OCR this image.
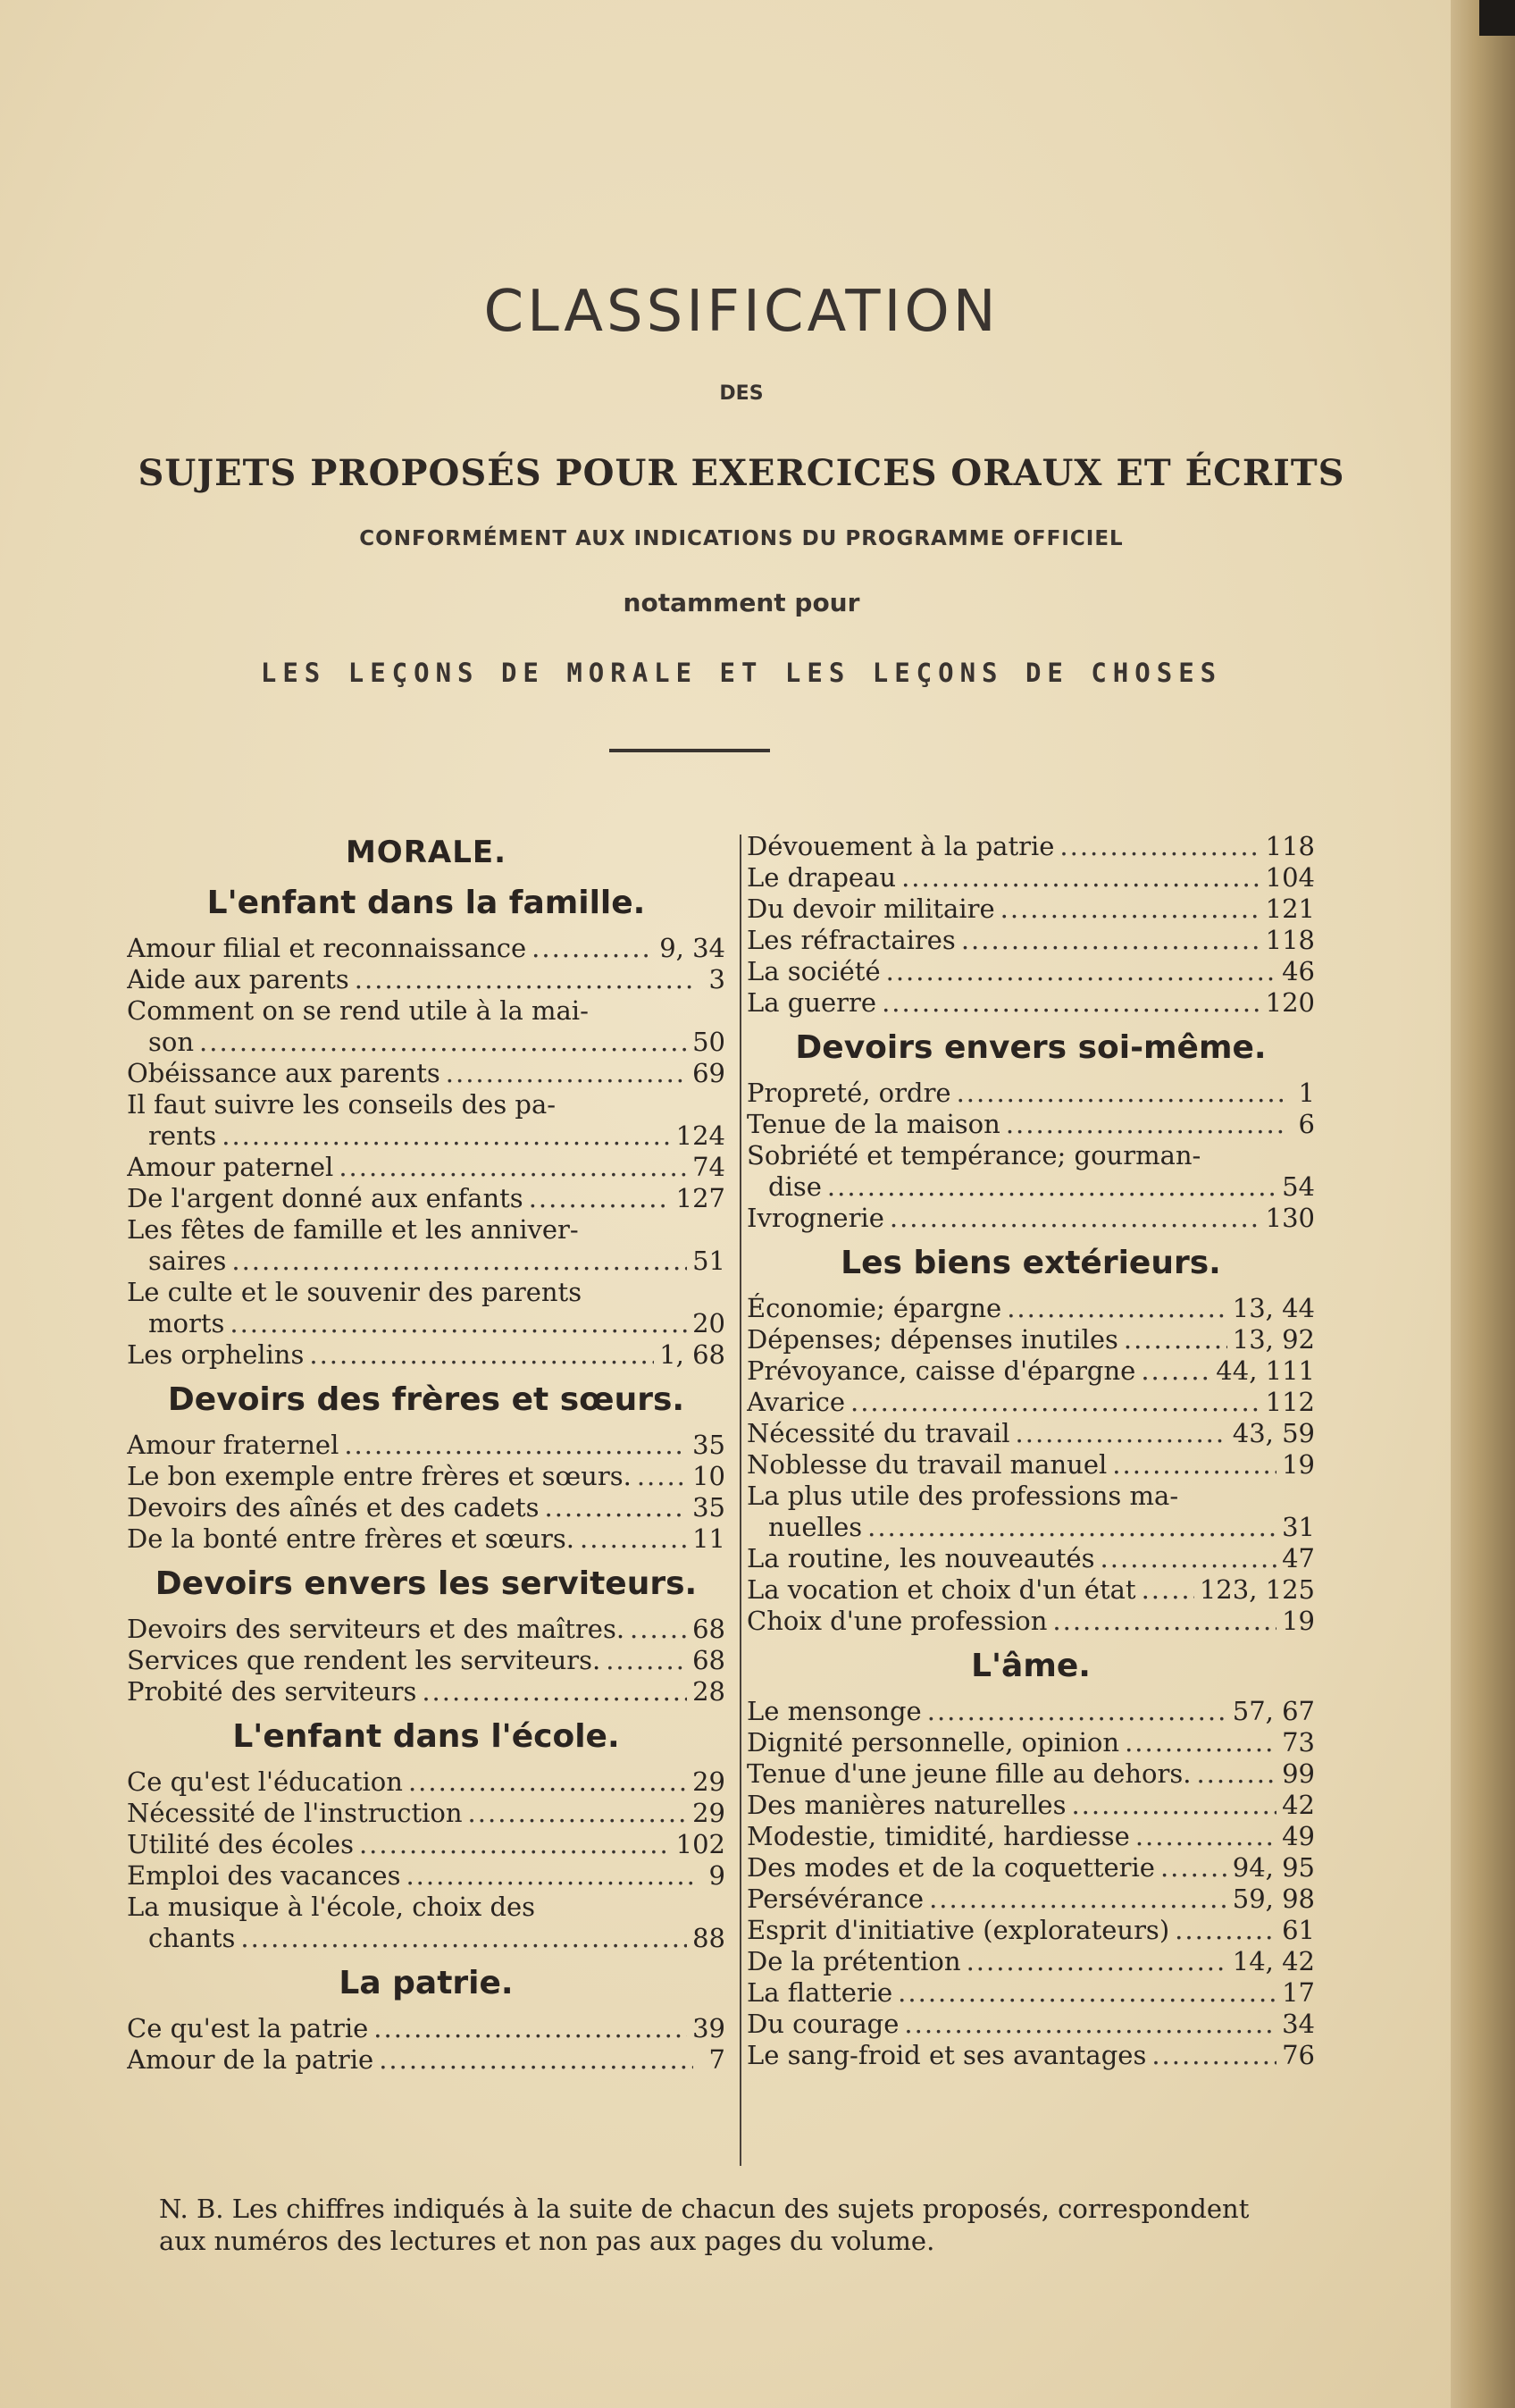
CLASSIFICATION
DES
SUJETS PROPOSÉS POUR EXERCICES ORAUX ET ÉCRITS
CONFORMÉMENT AUX INDICATIONS DU PROGRAMME OFFICIEL
notamment pour
LES LEÇONS DE MORALE ET LES LEÇONS DE CHOSES
MORALE.
L'enfant dans la famille.
Amour filial et reconnaissance .....	9, 34
Aide aux parents .....	3
Comment on se rend utile à la mai-
son .....	50
Obéissance aux parents .....	69
Il faut suivre les conseils des pa-
rents .....	124
Amour paternel .....	74
De l'argent donné aux enfants .....	127
Les fêtes de famille et les anniver-
saires .....	51
Le culte et le souvenir des parents
morts .....	20
Les orphelins .....	1, 68
Devoirs des frères et sœurs.
Amour fraternel .....	35
Le bon exemple entre frères et sœurs. ..... 10
Devoirs des aînés et des cadets .....	35
De la bonté entre frères et sœurs. .....	11
Devoirs envers les serviteurs.
Devoirs des serviteurs et des maîtres. .....	68
Services que rendent les serviteurs. .....	68
Probité des serviteurs .....	28
L'enfant dans l'école.
Ce qu'est l'éducation .....	29
Nécessité de l'instruction .....	29
Utilité des écoles .....	102
Emploi des vacances .....	9
La musique à l'école, choix des
chants .....	88
La patrie.
Ce qu'est la patrie .....	39
Amour de la patrie .....	7
Dévouement à la patrie .....	118
Le drapeau .....	104
Du devoir militaire .....	121
Les réfractaires .....	118
La société .....	46
La guerre .....	120
Devoirs envers soi-même.
Propreté, ordre .....	1
Tenue de la maison .....	6
Sobriété et tempérance; gourman-
dise .....	54
Ivrognerie .....	130
Les biens extérieurs.
Économie; épargne .....	13, 44
Dépenses; dépenses inutiles .....	13, 92
Prévoyance, caisse d'épargne .....	44, 111
Avarice .....	112
Nécessité du travail .....	43, 59
Noblesse du travail manuel .....	19
La plus utile des professions ma-
nuelles .....	31
La routine, les nouveautés .....	47
La vocation et choix d'un état ..... 123, 125
Choix d'une profession .....	19
L'âme.
Le mensonge .....	57, 67
Dignité personnelle, opinion .....	73
Tenue d'une jeune fille au dehors. .....	99
Des manières naturelles .....	42
Modestie, timidité, hardiesse .....	49
Des modes et de la coquetterie .....	94, 95
Persévérance .....	59, 98
Esprit d'initiative (explorateurs) .....	61
De la prétention .....	14, 42
La flatterie .....	17
Du courage .....	34
Le sang-froid et ses avantages .....	76
N. B. Les chiffres indiqués à la suite de chacun des sujets proposés, correspondent aux numéros des lectures et non pas aux pages du volume.
